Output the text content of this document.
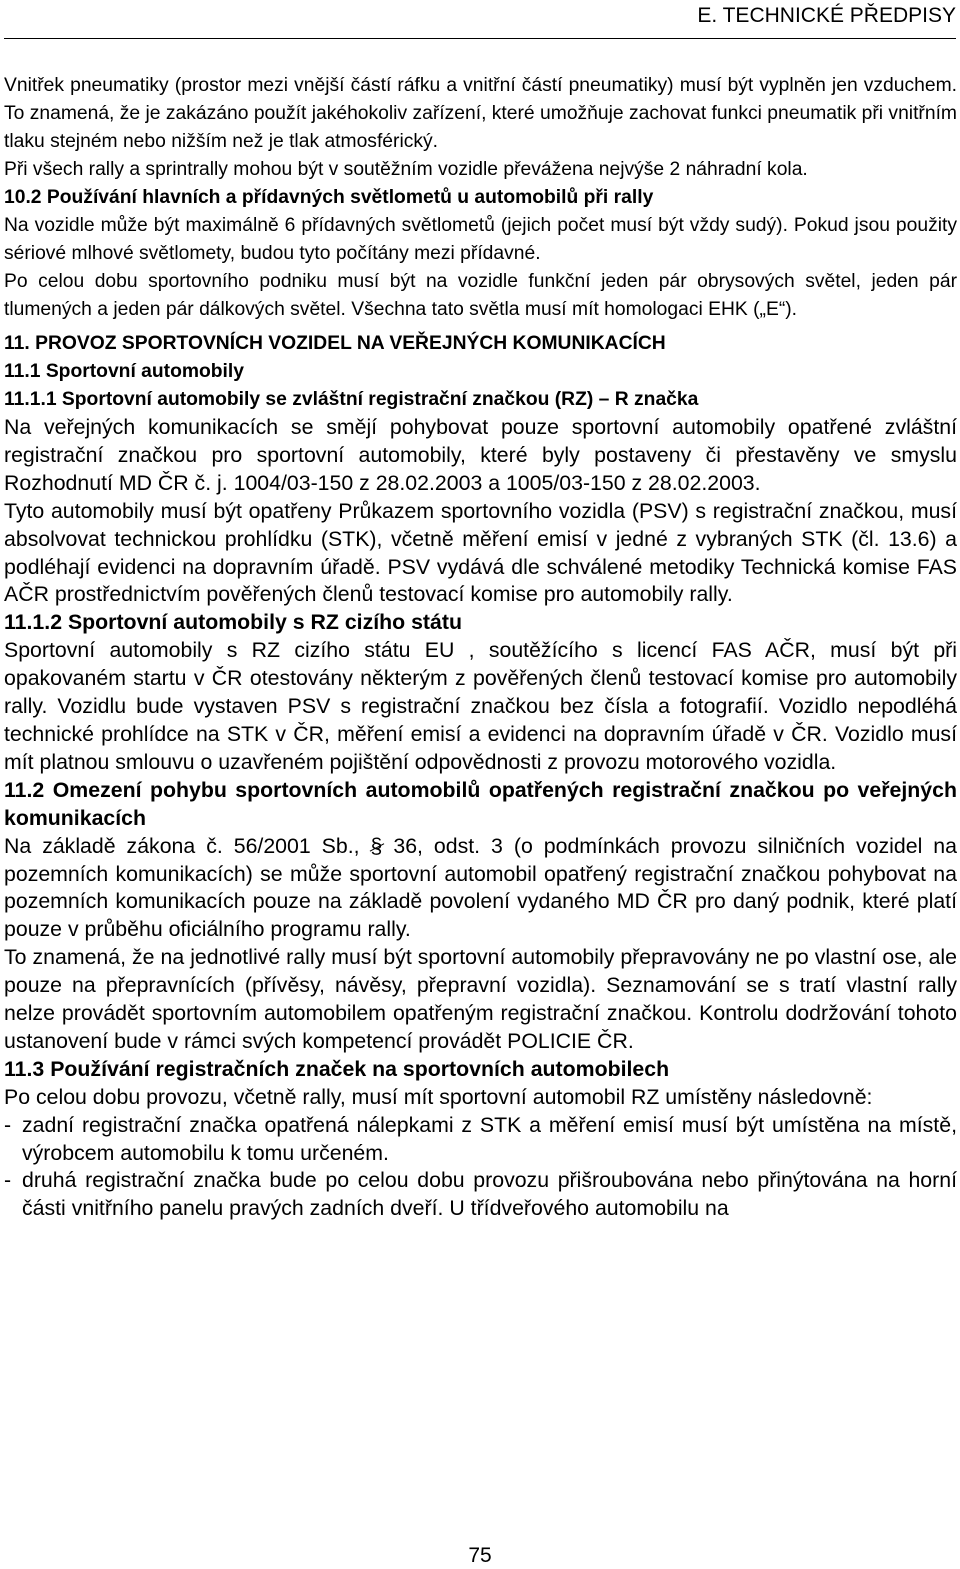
E. TECHNICKÉ PŘEDPISY
Vnitřek pneumatiky (prostor mezi vnější částí ráfku a vnitřní částí pneumatiky) musí být vyplněn jen vzduchem. To znamená, že je zakázáno použít jakéhokoliv zařízení, které umožňuje zachovat funkci pneumatik při vnitřním tlaku stejném nebo nižším než je tlak atmosférický.
Při všech rally a sprintrally mohou být v soutěžním vozidle převážena nejvýše 2 náhradní kola.
10.2 Používání hlavních a přídavných světlometů u automobilů při rally
Na vozidle může být maximálně 6 přídavných světlometů (jejich počet musí být vždy sudý). Pokud jsou použity sériové mlhové světlomety, budou tyto počítány mezi přídavné.
Po celou dobu sportovního podniku musí být na vozidle funkční jeden pár obrysových světel, jeden pár tlumených a jeden pár dálkových světel. Všechna tato světla musí mít homologaci EHK („E“).
11. PROVOZ SPORTOVNÍCH VOZIDEL NA VEŘEJNÝCH KOMUNIKACÍCH
11.1 Sportovní automobily
11.1.1 Sportovní automobily se zvláštní registrační značkou (RZ) – R značka
Na veřejných komunikacích se smějí pohybovat pouze sportovní automobily opatřené zvláštní registrační značkou pro sportovní automobily, které byly postaveny či přestavěny ve smyslu Rozhodnutí MD ČR č. j. 1004/03-150 z 28.02.2003 a 1005/03-150 z 28.02.2003.
Tyto automobily musí být opatřeny Průkazem sportovního vozidla (PSV) s registrační značkou, musí absolvovat technickou prohlídku (STK), včetně měření emisí v jedné z vybraných STK (čl. 13.6) a podléhají evidenci na dopravním úřadě. PSV vydává dle schválené metodiky Technická komise FAS AČR prostřednictvím pověřených členů testovací komise pro automobily rally.
11.1.2 Sportovní automobily s RZ cizího státu
Sportovní automobily s RZ cizího státu EU , soutěžícího s licencí FAS AČR, musí být při opakovaném startu v ČR otestovány některým z pověřených členů testovací komise pro automobily rally. Vozidlu bude vystaven PSV s registrační značkou bez čísla a fotografií. Vozidlo nepodléhá technické prohlídce na STK v ČR, měření emisí a evidenci na dopravním úřadě v ČR. Vozidlo musí mít platnou smlouvu o uzavřeném pojištění odpovědnosti z provozu motorového vozidla.
11.2 Omezení pohybu sportovních automobilů opatřených registrační značkou po veřejných komunikacích
Na základě zákona č. 56/2001 Sb., § 36, odst. 3 (o podmínkách provozu silničních vozidel na pozemních komunikacích) se může sportovní automobil opatřený registrační značkou pohybovat na pozemních komunikacích pouze na základě povolení vydaného MD ČR pro daný podnik, které platí pouze v průběhu oficiálního programu rally.
To znamená, že na jednotlivé rally musí být sportovní automobily přepravovány ne po vlastní ose, ale pouze na přepravnících (přívěsy, návěsy, přepravní vozidla). Seznamování se s tratí vlastní rally nelze provádět sportovním automobilem opatřeným registrační značkou. Kontrolu dodržování tohoto ustanovení bude v rámci svých kompetencí provádět POLICIE ČR.
11.3 Používání registračních značek na sportovních automobilech
Po celou dobu provozu, včetně rally, musí mít sportovní automobil RZ umístěny následovně:
- zadní registrační značka opatřená nálepkami z STK a měření emisí musí být umístěna na místě, výrobcem automobilu k tomu určeném.
- druhá registrační značka bude po celou dobu provozu přišroubována nebo přinýtována na horní části vnitřního panelu pravých zadních dveří. U třídveřového automobilu na
75
